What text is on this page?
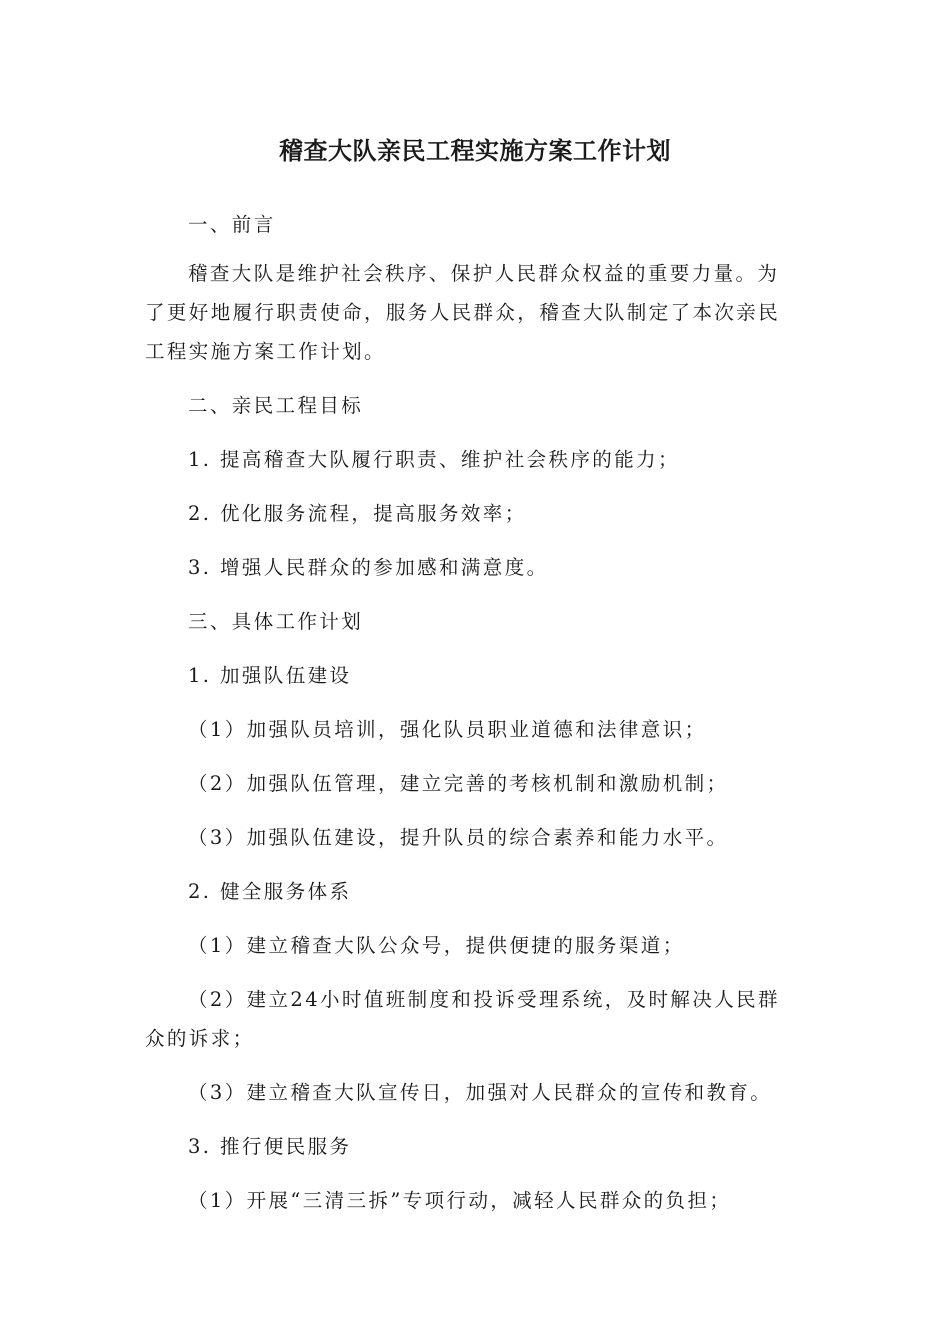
稽查大队亲民工程实施方案工作计划

一、前言

稽查大队是维护社会秩序、保护人民群众权益的重要力量。为了更好地履行职责使命，服务人民群众，稽查大队制定了本次亲民工程实施方案工作计划。

二、亲民工程目标

1. 提高稽查大队履行职责、维护社会秩序的能力；

2. 优化服务流程，提高服务效率；

3. 增强人民群众的参加感和满意度。

三、具体工作计划

1. 加强队伍建设

（1）加强队员培训，强化队员职业道德和法律意识；

（2）加强队伍管理，建立完善的考核机制和激励机制；

（3）加强队伍建设，提升队员的综合素养和能力水平。

2. 健全服务体系

（1）建立稽查大队公众号，提供便捷的服务渠道；

（2）建立24小时值班制度和投诉受理系统，及时解决人民群众的诉求；

（3）建立稽查大队宣传日，加强对人民群众的宣传和教育。

3. 推行便民服务

（1）开展“三清三拆”专项行动，减轻人民群众的负担；
